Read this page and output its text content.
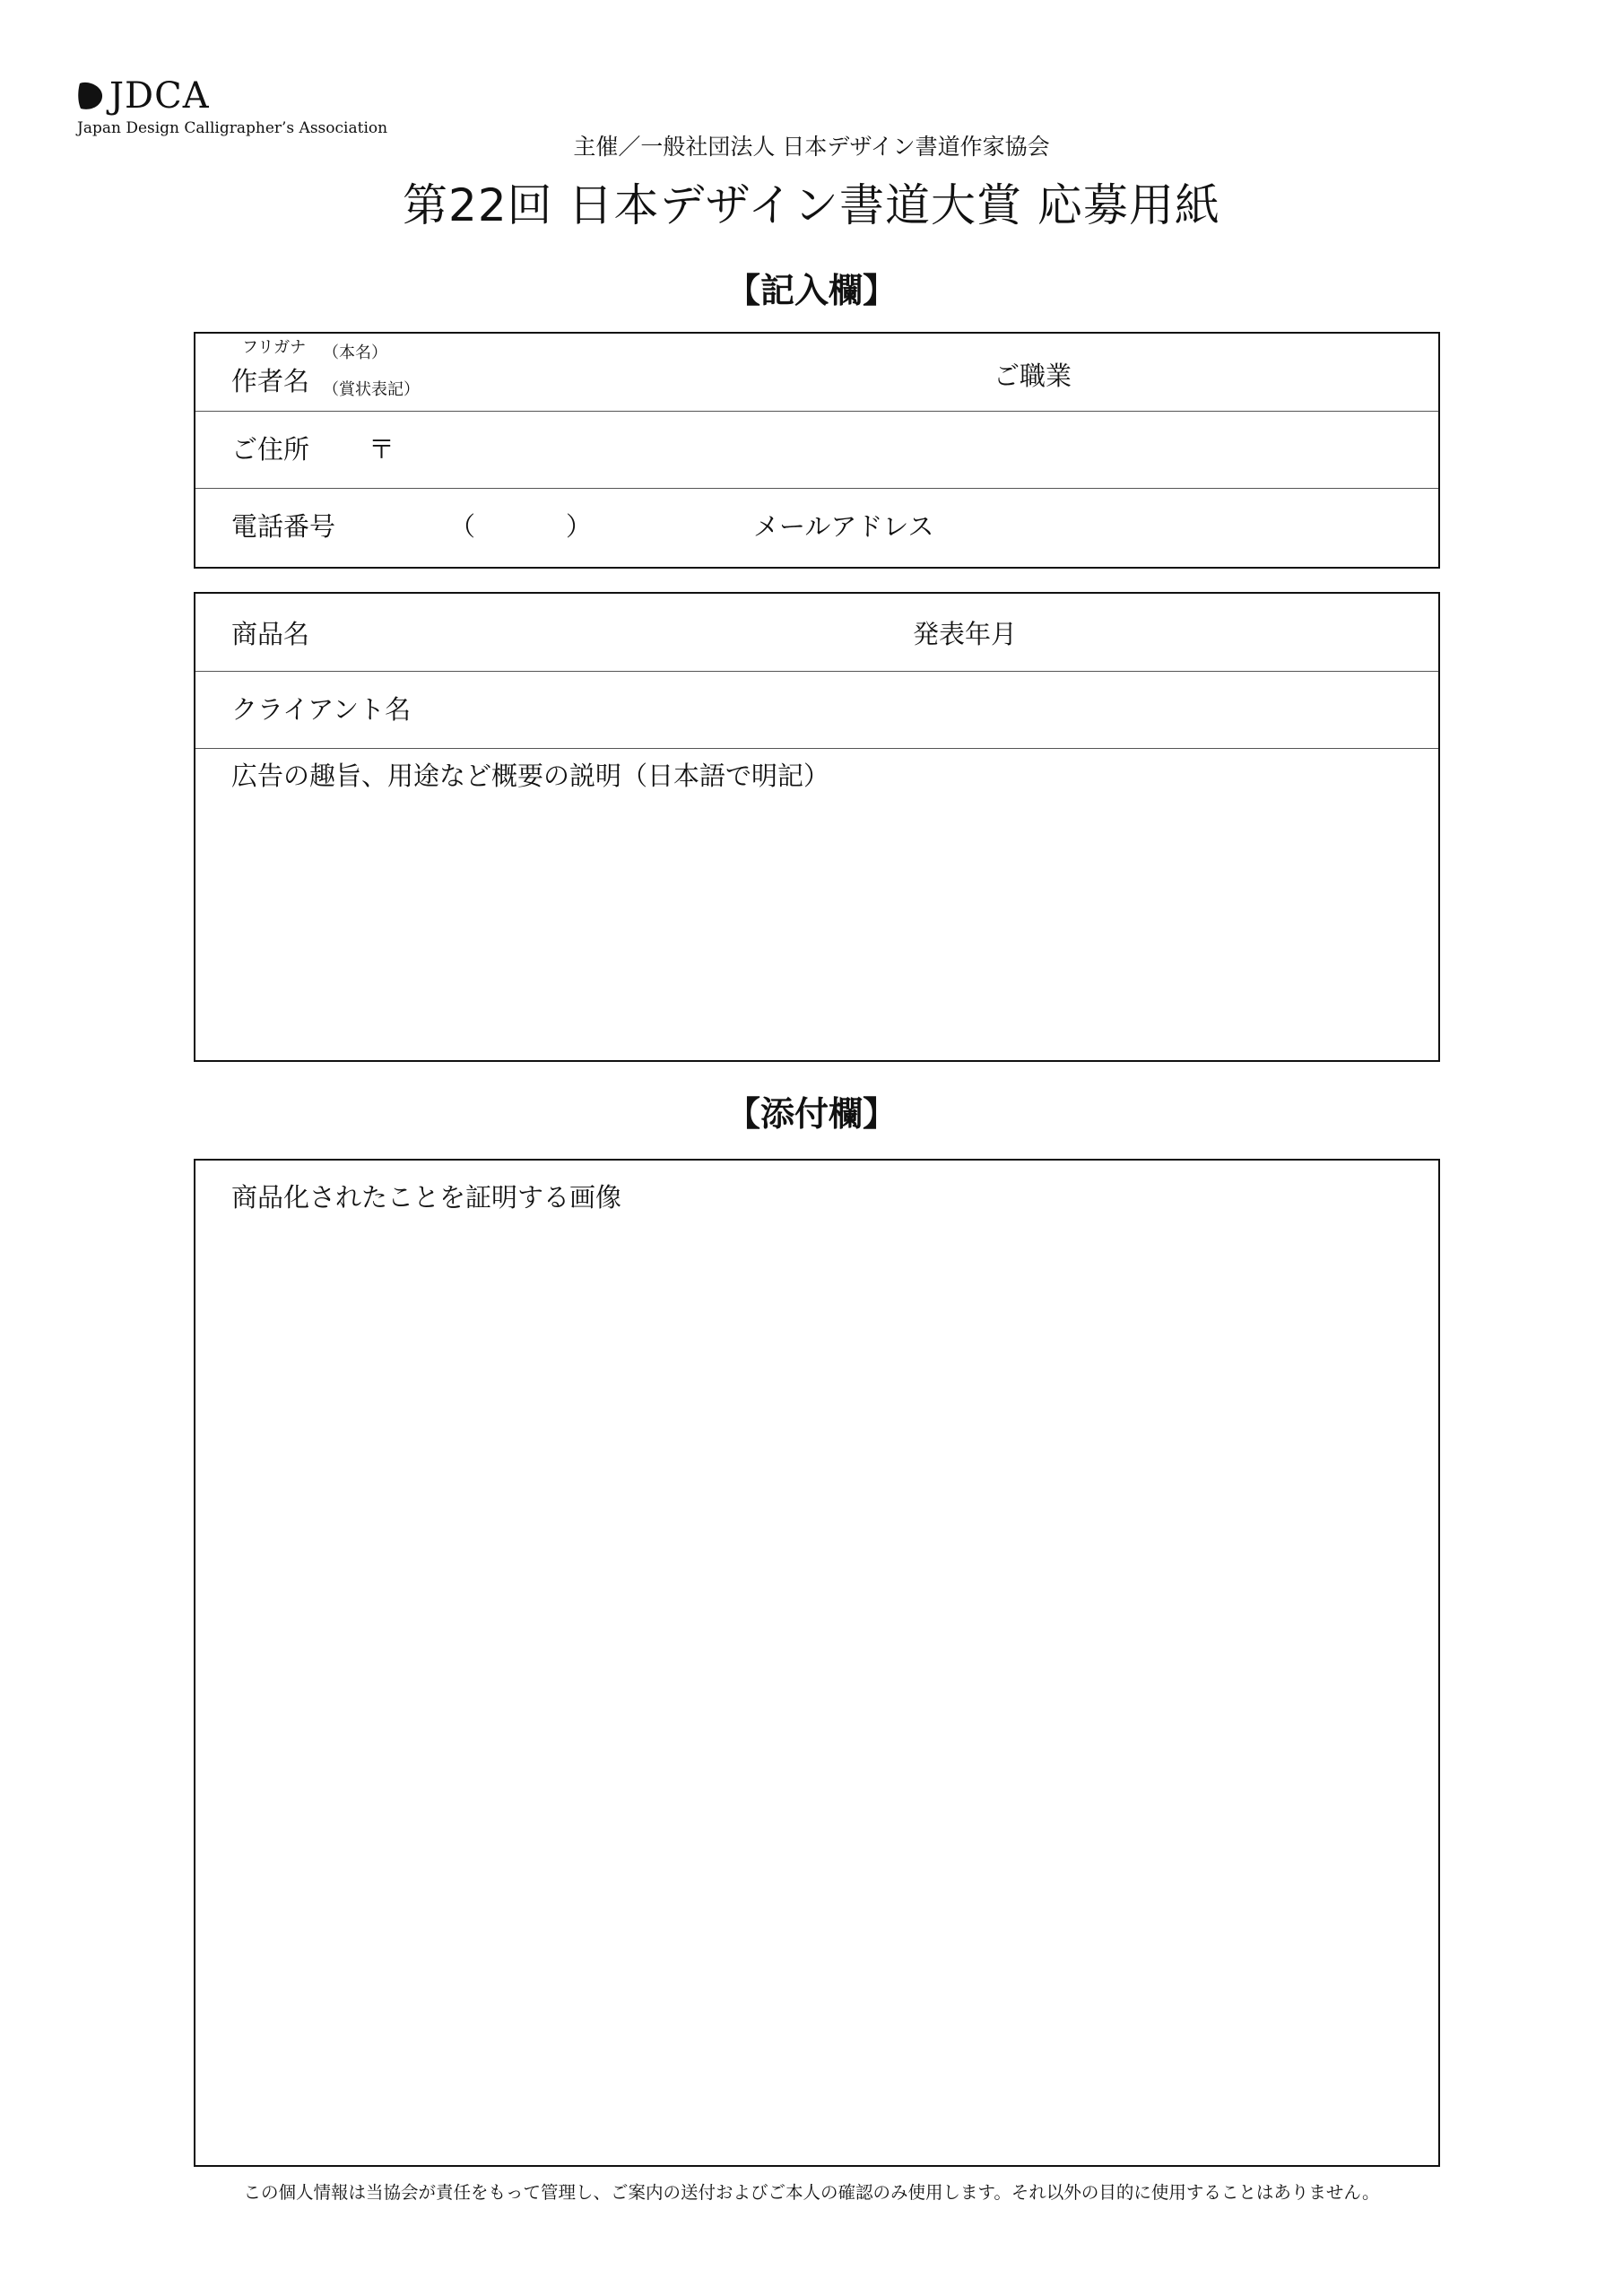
JDCA
Japan Design Calligrapher’s Association
主催／一般社団法人 日本デザイン書道作家協会
第22回 日本デザイン書道大賞 応募用紙
【記入欄】
フリガナ （本名）
作者名 （賞状表記）	ご職業
ご住所 〒
電話番号	（	）	メールアドレス
商品名	発表年月
クライアント名
広告の趣旨、用途など概要の説明（日本語で明記）
【添付欄】
商品化されたことを証明する画像
この個人情報は当協会が責任をもって管理し、ご案内の送付およびご本人の確認のみ使用します。それ以外の目的に使用することはありません。
